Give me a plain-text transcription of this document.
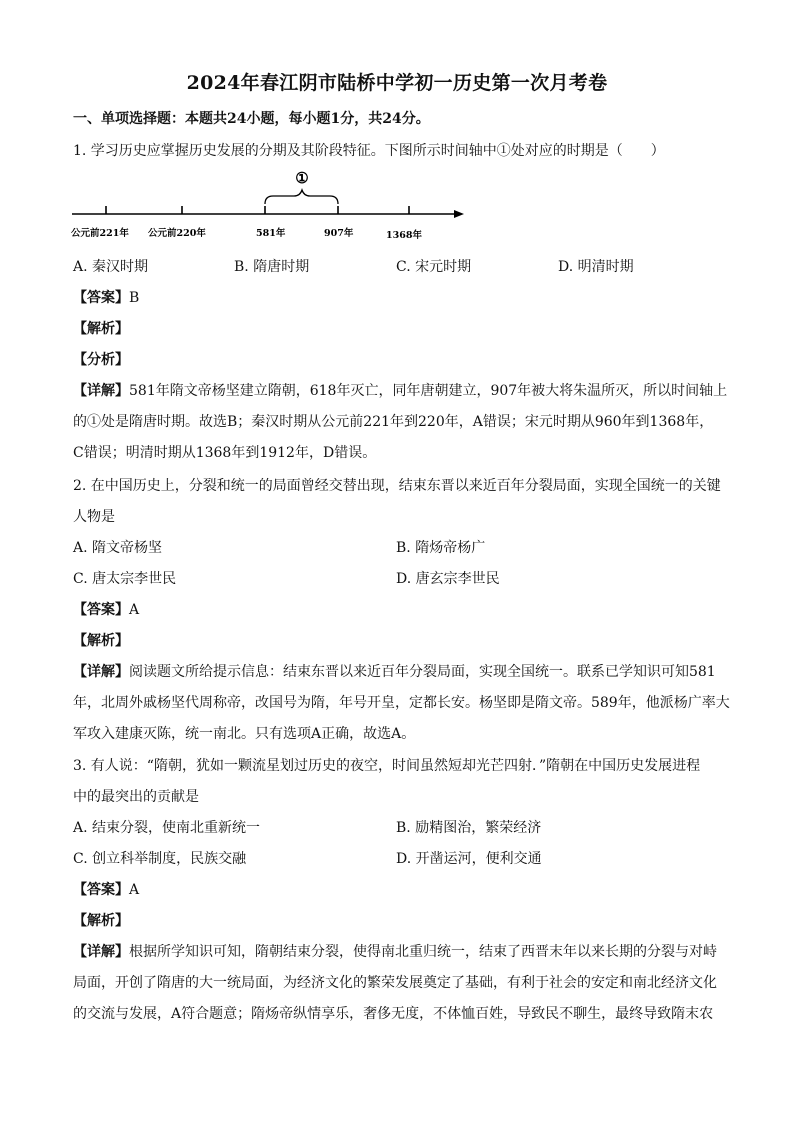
2024年春江阴市陆桥中学初一历史第一次月考卷
一、单项选择题：本题共24小题，每小题1分，共24分。
1. 学习历史应掌握历史发展的分期及其阶段特征。下图所示时间轴中①处对应的时期是（　　）
①
公元前221年 公元前220年	581年	907年	1368年
A. 秦汉时期	B. 隋唐时期	C. 宋元时期	D. 明清时期
【答案】B
【解析】
【分析】
【详解】581年隋文帝杨坚建立隋朝，618年灭亡，同年唐朝建立，907年被大将朱温所灭，所以时间轴上
的①处是隋唐时期。故选B；秦汉时期从公元前221年到220年，A错误；宋元时期从960年到1368年，
C错误；明清时期从1368年到1912年，D错误。
2. 在中国历史上，分裂和统一的局面曾经交替出现，结束东晋以来近百年分裂局面，实现全国统一的关键
人物是
A. 隋文帝杨坚	B. 隋炀帝杨广
C. 唐太宗李世民	D. 唐玄宗李世民
【答案】A
【解析】
【详解】阅读题文所给提示信息：结束东晋以来近百年分裂局面，实现全国统一。联系已学知识可知581
年，北周外戚杨坚代周称帝，改国号为隋，年号开皇，定都长安。杨坚即是隋文帝。589年，他派杨广率大
军攻入建康灭陈，统一南北。只有选项A正确，故选A。
3. 有人说：“隋朝，犹如一颗流星划过历史的夜空，时间虽然短却光芒四射．”隋朝在中国历史发展进程
中的最突出的贡献是
A. 结束分裂，使南北重新统一	B. 励精图治，繁荣经济
C. 创立科举制度，民族交融	D. 开凿运河，便利交通
【答案】A
【解析】
【详解】根据所学知识可知，隋朝结束分裂，使得南北重归统一，结束了西晋末年以来长期的分裂与对峙
局面，开创了隋唐的大一统局面，为经济文化的繁荣发展奠定了基础，有利于社会的安定和南北经济文化
的交流与发展，A符合题意；隋炀帝纵情享乐，奢侈无度，不体恤百姓，导致民不聊生，最终导致隋末农
